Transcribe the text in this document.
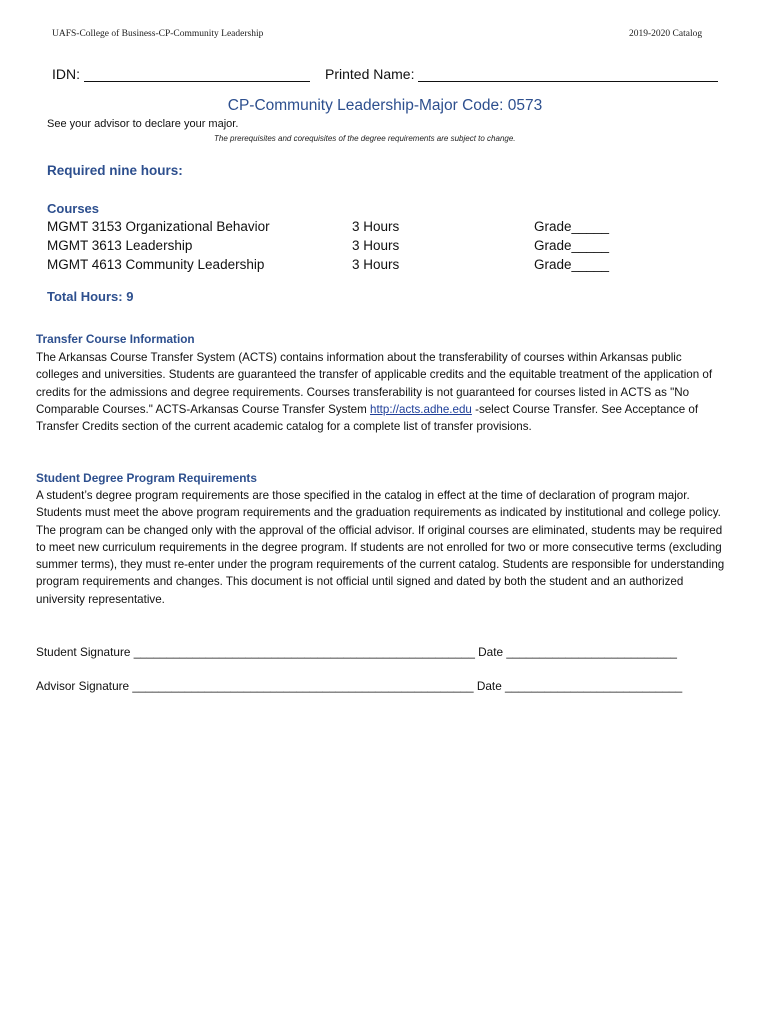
UAFS-College of Business-CP-Community Leadership	2019-2020 Catalog
IDN:	Printed Name:
CP-Community Leadership-Major Code: 0573
See your advisor to declare your major.
The prerequisites and corequisites of the degree requirements are subject to change.
Required nine hours:
Courses
MGMT 3153 Organizational Behavior	3 Hours	Grade_____
MGMT 3613 Leadership	3 Hours	Grade_____
MGMT 4613 Community Leadership	3 Hours	Grade_____
Total Hours: 9
Transfer Course Information
The Arkansas Course Transfer System (ACTS) contains information about the transferability of courses within Arkansas public colleges and universities. Students are guaranteed the transfer of applicable credits and the equitable treatment of the application of credits for the admissions and degree requirements. Courses transferability is not guaranteed for courses listed in ACTS as "No Comparable Courses." ACTS-Arkansas Course Transfer System http://acts.adhe.edu -select Course Transfer. See Acceptance of Transfer Credits section of the current academic catalog for a complete list of transfer provisions.
Student Degree Program Requirements
A student’s degree program requirements are those specified in the catalog in effect at the time of declaration of program major. Students must meet the above program requirements and the graduation requirements as indicated by institutional and college policy. The program can be changed only with the approval of the official advisor. If original courses are eliminated, students may be required to meet new curriculum requirements in the degree program. If students are not enrolled for two or more consecutive terms (excluding summer terms), they must re-enter under the program requirements of the current catalog. Students are responsible for understanding program requirements and changes. This document is not official until signed and dated by both the student and an authorized university representative.
Student Signature ____________________________________________________ Date __________________________
Advisor Signature ____________________________________________________ Date ___________________________
